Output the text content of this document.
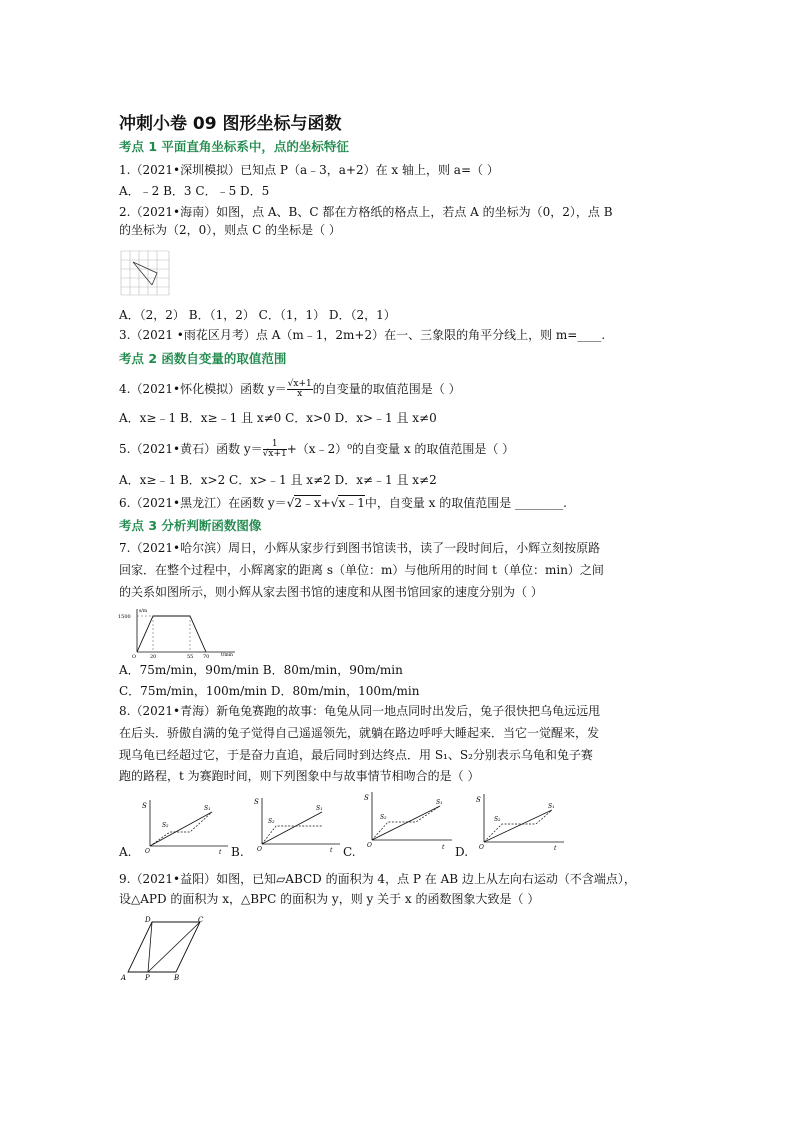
冲刺小卷 09 图形坐标与函数
考点 1 平面直角坐标系中，点的坐标特征
1.（2021•深圳模拟）已知点 P（a﹣3，a+2）在 x 轴上，则 a=（ ）
A．﹣2 B．3 C．﹣5 D．5
2.（2021•海南）如图，点 A、B、C 都在方格纸的格点上，若点 A 的坐标为（0，2），点 B
的坐标为（2，0），则点 C 的坐标是（ ）
A．（2，2） B．（1，2） C．（1，1） D．（2，1）
3.（2021 •雨花区月考）点 A（m﹣1，2m+2）在一、三象限的角平分线上，则 m=____.
考点 2 函数自变量的取值范围
4.（2021•怀化模拟）函数 $y= \frac{√x+1}{x}$ 的自变量的取值范围是（ ）
A．x≥﹣1 B．x≥﹣1 且 x≠0 C．x>0 D．x>﹣1 且 x≠0
5.（2021•黄石）函数 $y= \frac{1}{√x+1}$ +（x﹣2）⁰的自变量 x 的取值范围是（ ）
A．x≥﹣1 B．x>2 C．x>﹣1 且 x≠2 D．x≠﹣1 且 x≠2
6.（2021•黑龙江）在函数 y＝√2﹣x+√x﹣1中，自变量 x 的取值范围是 ________.
考点 3 分析判断函数图像
7.（2021•哈尔滨）周日，小辉从家步行到图书馆读书，读了一段时间后，小辉立刻按原路
回家．在整个过程中，小辉离家的距离 s（单位：m）与他所用的时间 t（单位：min）之间
的关系如图所示，则小辉从家去图书馆的速度和从图书馆回家的速度分别为（ ）
1500
20	55 70
s/m
t/min
O
A．75m/min，90m/min B．80m/min，90m/min
C．75m/min，100m/min D．80m/min，100m/min
8.（2021•青海）新龟兔赛跑的故事：龟兔从同一地点同时出发后，兔子很快把乌龟远远甩
在后头．骄傲自满的兔子觉得自己遥遥领先，就躺在路边呼呼大睡起来．当它一觉醒来，发
现乌龟已经超过它，于是奋力直追，最后同时到达终点．用 S₁、S₂分别表示乌龟和兔子赛
跑的路程，t 为赛跑时间，则下列图象中与故事情节相吻合的是（ ）
A.
S	S₁
S₂
t
O	B.
S
S₁
S₂
t
O	C.
S
S₁
S₂
t
O	D.
S
S₁
S₂
t
O
9.（2021•益阳）如图，已知▱ABCD 的面积为 4，点 P 在 AB 边上从左向右运动（不含端点），
设△APD 的面积为 x，△BPC 的面积为 y，则 y 关于 x 的函数图象大致是（ ）
A	B
C
D
P
